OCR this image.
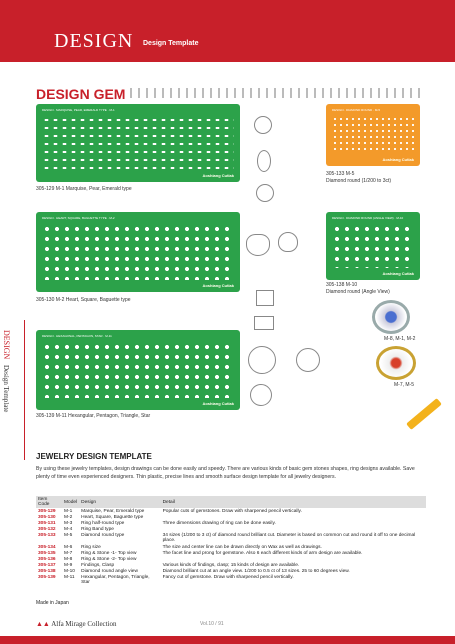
DESIGN Design Template
DESIGN GEM
DESIGN · MARQUISE, PEAR, EMERALD TYPE · M-1
Aoshiang Cutlak
305-129 M-1 Marquise, Pear, Emerald type
DESIGN · HEART, SQUARE, BAGUETTE TYPE · M-2
Aoshiang Cutlak
305-130 M-2 Heart, Square, Baguette type
DESIGN · HEXAGONAL, PENTAGON, STAR · M-11
Aoshiang Cutlak
305-139 M-11 Hexangular, Pentagon, Triangle, Star
DESIGN · DIAMOND ROUND · M-5
Aoshiang Cutlak
305-133 M-5
Diamond round (1/200 to 3ct)
DESIGN · DIAMOND ROUND (ANGLE VIEW) · M-10
Aoshiang Cutlak
305-138 M-10
Diamond round (Angle View)
M-8, M-1, M-2
M-7, M-5
DESIGN
Design Template
JEWELRY DESIGN TEMPLATE
By using these jewelry templates, design drawings can be done easily and speedy. There are various kinds of basic gem stones shapes, ring designs available. Save plenty of time even experienced designers. Thin plastic, precise lines and smooth surface design template for all jewelry designers.
Item Code	Model	Design	Detail
305-129	M-1	Marquise, Pear, Emerald type	Popular cuts of gemstones. Draw with sharpened pencil vertically.
305-130	M-2	Heart, Square, Baguette type	
305-131	M-3	Ring half-round type	Three dimensions drawing of ring can be done easily.
305-132	M-4	Ring Band type	
305-133	M-5	Diamond round type	34 sizes (1/200 to 3 ct) of diamond round brilliant cut. Diameter is based on common cut and round it off to one decimal place.
305-134	M-6	Ring size	The size and center line can be drawn directly on Wax as well as drawings.
305-135	M-7	Ring & Stone -1- Top view	The facet line and prong for gemstone. Also 6 each different kinds of arm design are available.
305-136	M-8	Ring & Stone -2- Top view	
305-137	M-9	Findings, Clasp	Various kinds of findings, clasp; 15 kinds of design are available.
305-138	M-10	Diamond round angle view	Diamond brilliant cut at an angle view. 1/200 to 0.5 ct of 13 sizes. 25 to 60 degrees view.
305-139	M-11	Hexangular, Pentagon, Triangle, Star	Fancy cut of gemstone. Draw with sharpened pencil vertically.
Made in Japan
▲▲ Alfa Mirage Collection	Vol.10 / 91
